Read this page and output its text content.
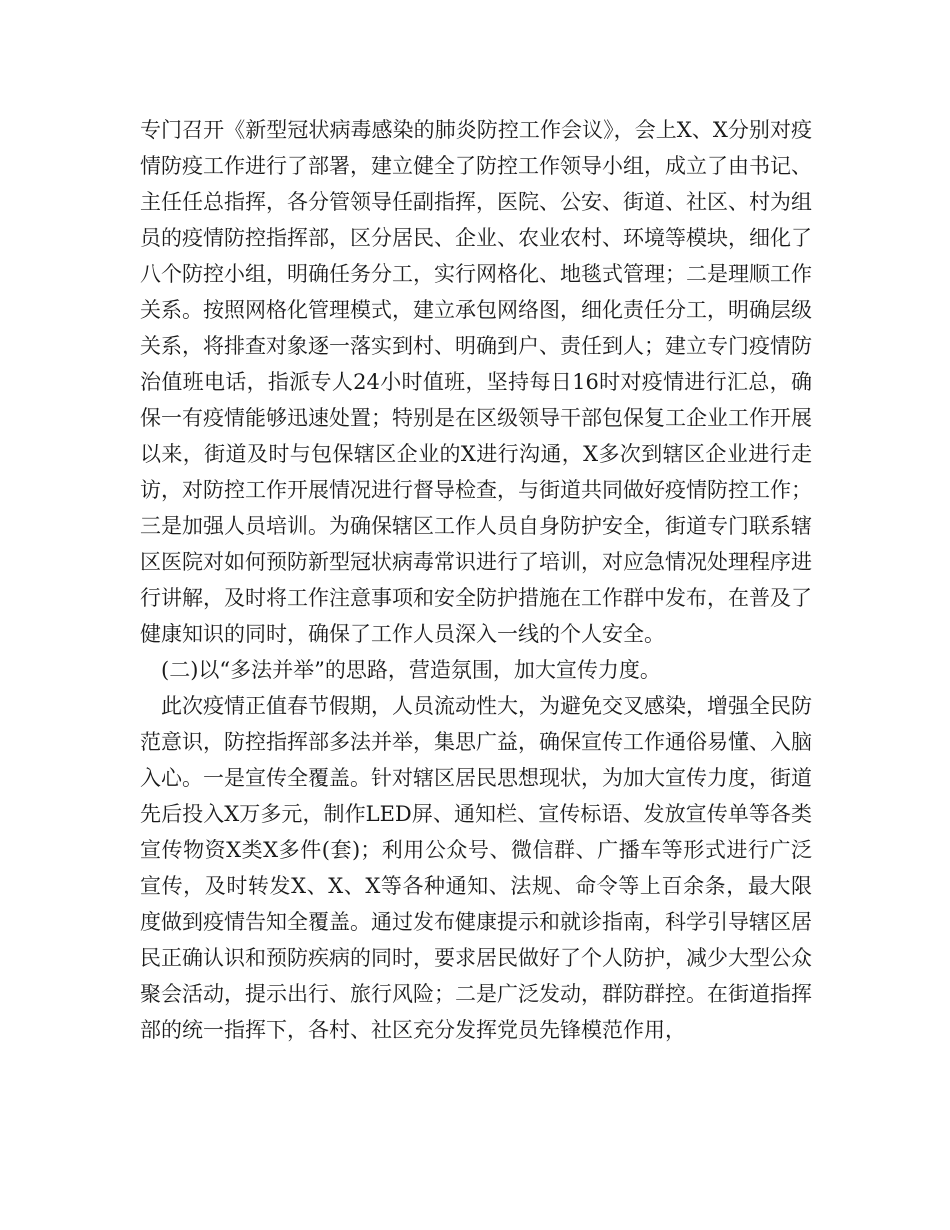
专门召开《新型冠状病毒感染的肺炎防控工作会议》，会上X、X分别对疫情防疫工作进行了部署，建立健全了防控工作领导小组，成立了由书记、主任任总指挥，各分管领导任副指挥，医院、公安、街道、社区、村为组员的疫情防控指挥部，区分居民、企业、农业农村、环境等模块，细化了八个防控小组，明确任务分工，实行网格化、地毯式管理；二是理顺工作关系。按照网格化管理模式，建立承包网络图，细化责任分工，明确层级关系，将排查对象逐一落实到村、明确到户、责任到人；建立专门疫情防治值班电话，指派专人24小时值班，坚持每日16时对疫情进行汇总，确保一有疫情能够迅速处置；特别是在区级领导干部包保复工企业工作开展以来，街道及时与包保辖区企业的X进行沟通，X多次到辖区企业进行走访，对防控工作开展情况进行督导检查，与街道共同做好疫情防控工作；三是加强人员培训。为确保辖区工作人员自身防护安全，街道专门联系辖区医院对如何预防新型冠状病毒常识进行了培训，对应急情况处理程序进行讲解，及时将工作注意事项和安全防护措施在工作群中发布，在普及了健康知识的同时，确保了工作人员深入一线的个人安全。

(二)以“多法并举”的思路，营造氛围，加大宣传力度。

此次疫情正值春节假期，人员流动性大，为避免交叉感染，增强全民防范意识，防控指挥部多法并举，集思广益，确保宣传工作通俗易懂、入脑入心。一是宣传全覆盖。针对辖区居民思想现状，为加大宣传力度，街道先后投入X万多元，制作LED屏、通知栏、宣传标语、发放宣传单等各类宣传物资X类X多件(套)；利用公众号、微信群、广播车等形式进行广泛宣传，及时转发X、X、X等各种通知、法规、命令等上百余条，最大限度做到疫情告知全覆盖。通过发布健康提示和就诊指南，科学引导辖区居民正确认识和预防疾病的同时，要求居民做好了个人防护，减少大型公众聚会活动，提示出行、旅行风险；二是广泛发动，群防群控。在街道指挥部的统一指挥下，各村、社区充分发挥党员先锋模范作用，
